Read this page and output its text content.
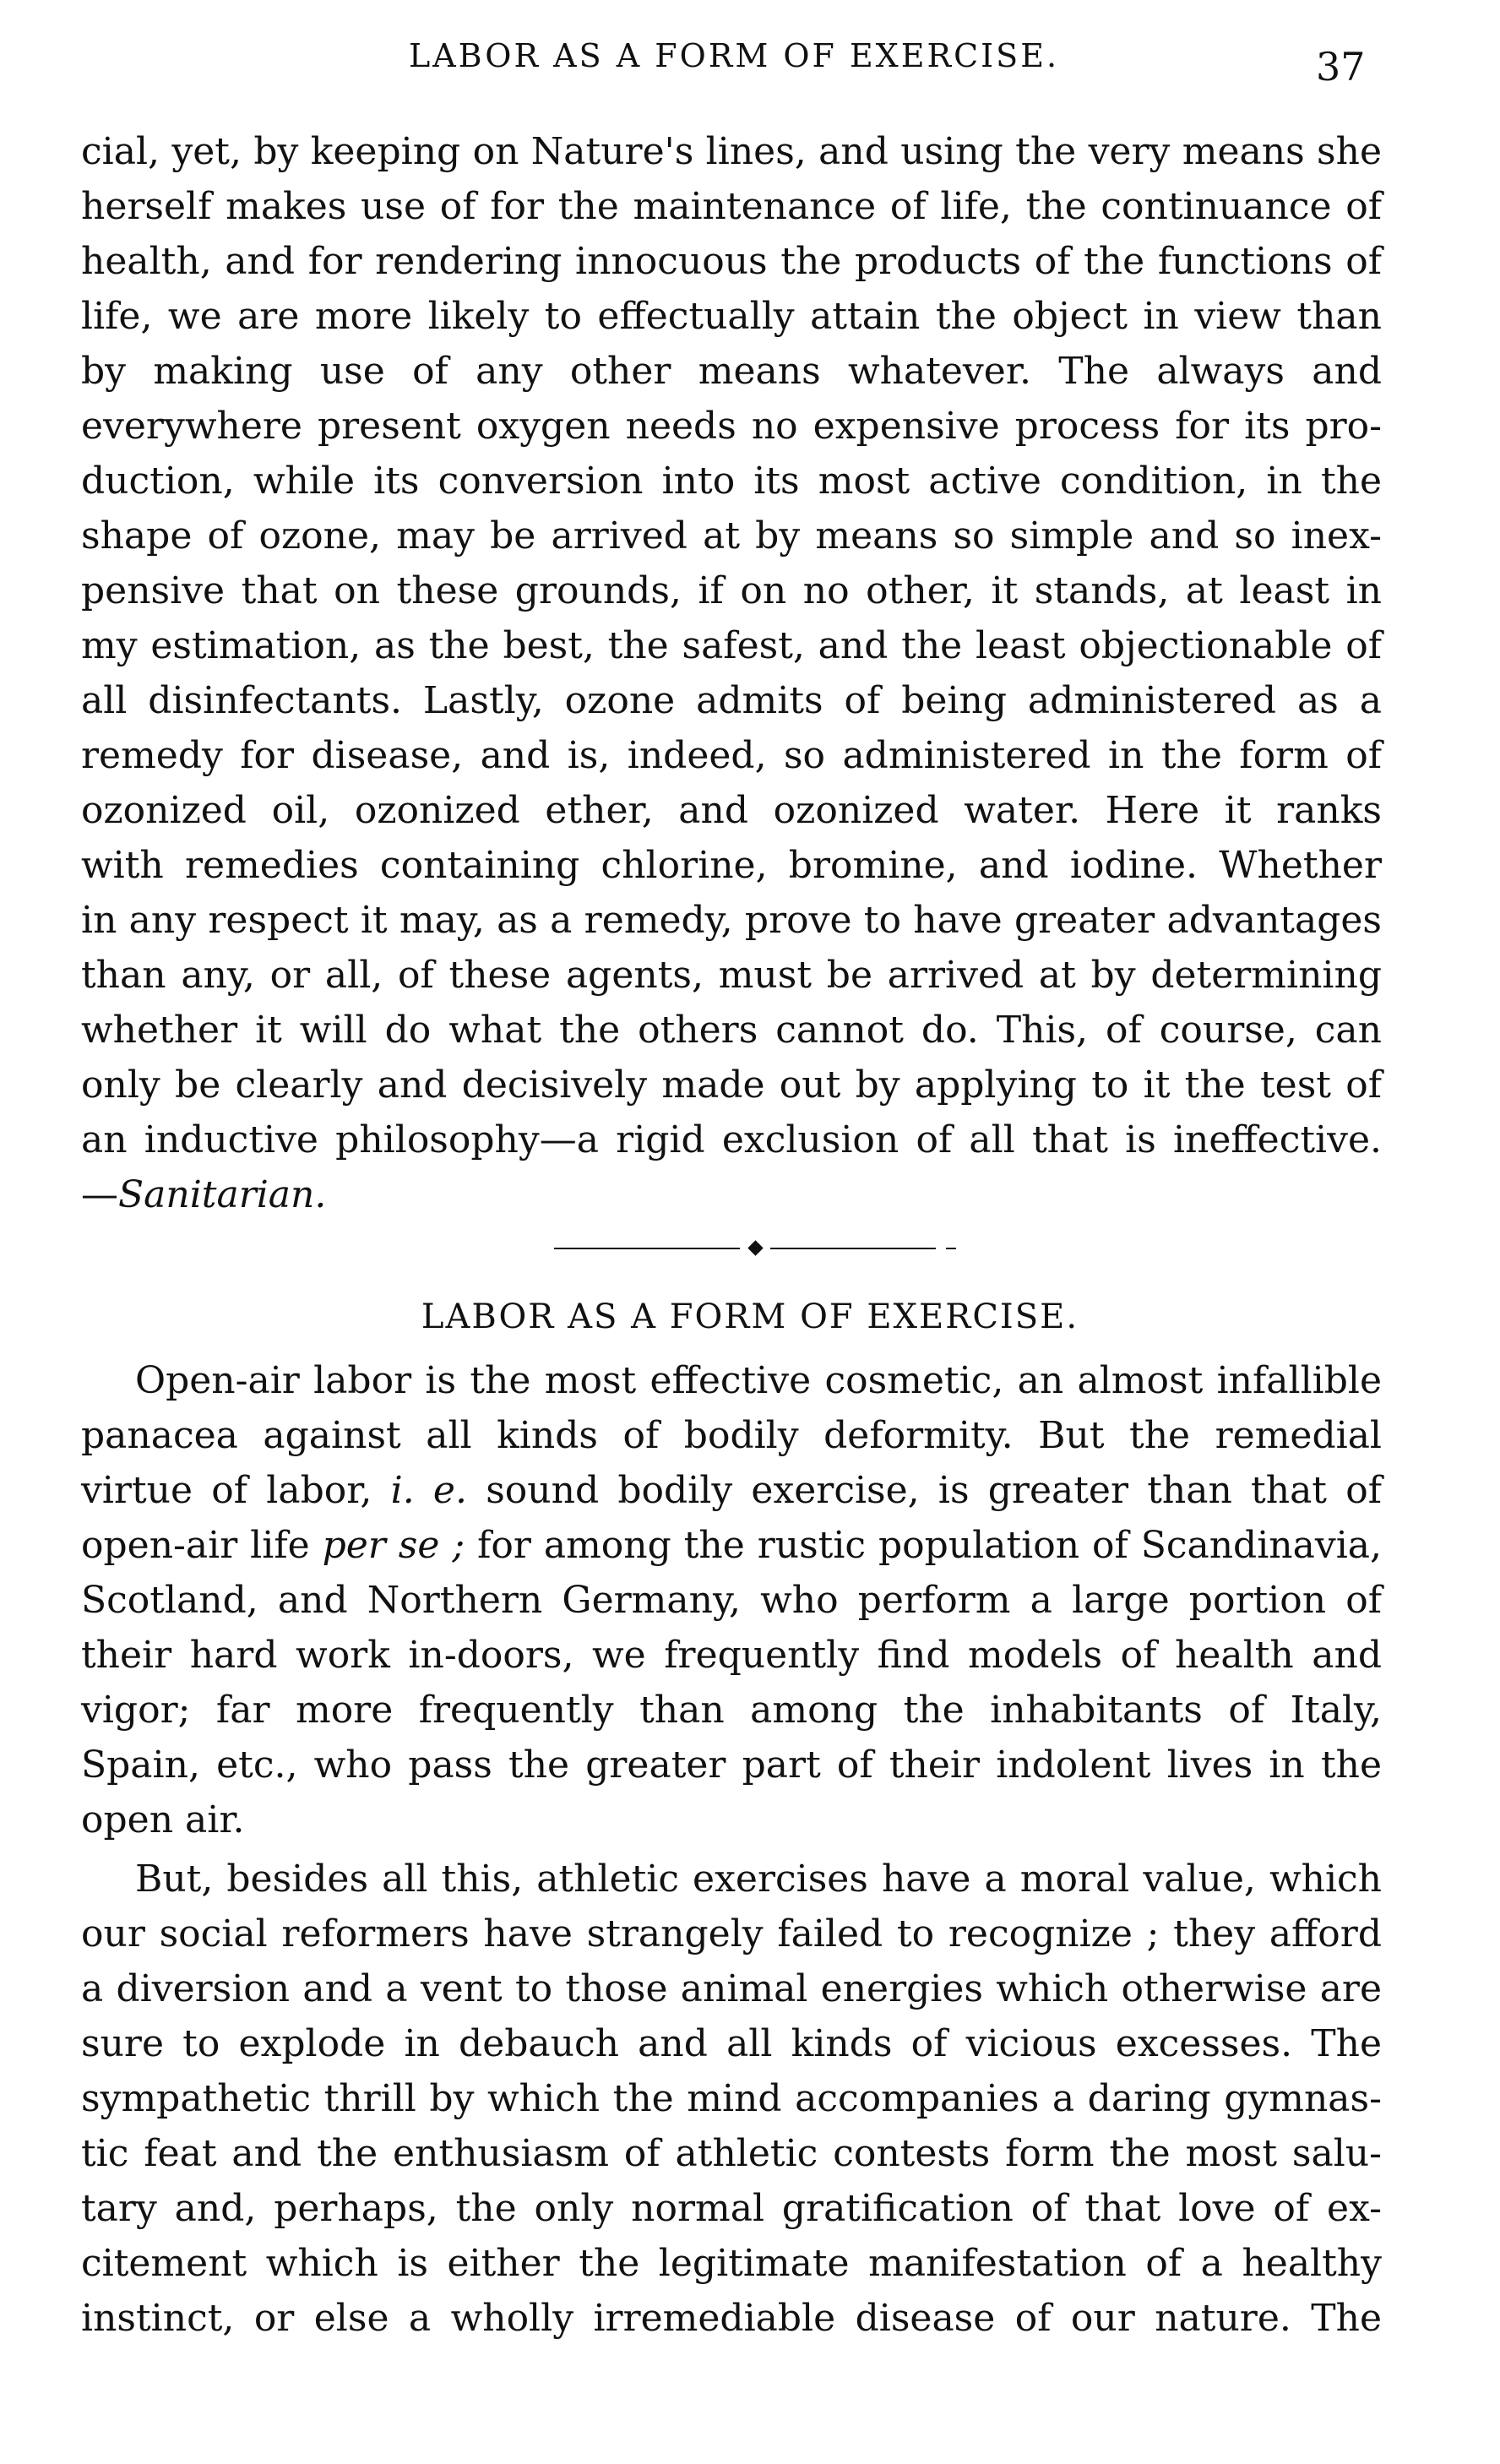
LABOR AS A FORM OF EXERCISE.	37
cial, yet, by keeping on Nature's lines, and using the very means she
herself makes use of for the maintenance of life, the continuance of
health, and for rendering innocuous the products of the functions of
life, we are more likely to effectually attain the object in view than
by making use of any other means whatever. The always and
everywhere present oxygen needs no expensive process for its pro-
duction, while its conversion into its most active condition, in the
shape of ozone, may be arrived at by means so simple and so inex-
pensive that on these grounds, if on no other, it stands, at least in
my estimation, as the best, the safest, and the least objectionable of
all disinfectants. Lastly, ozone admits of being administered as a
remedy for disease, and is, indeed, so administered in the form of
ozonized oil, ozonized ether, and ozonized water. Here it ranks
with remedies containing chlorine, bromine, and iodine. Whether
in any respect it may, as a remedy, prove to have greater advantages
than any, or all, of these agents, must be arrived at by determining
whether it will do what the others cannot do. This, of course, can
only be clearly and decisively made out by applying to it the test of
an inductive philosophy—a rigid exclusion of all that is ineffective.
—Sanitarian.
LABOR AS A FORM OF EXERCISE.
Open-air labor is the most effective cosmetic, an almost infallible
panacea against all kinds of bodily deformity. But the remedial
virtue of labor, i. e. sound bodily exercise, is greater than that of
open-air life per se ; for among the rustic population of Scandinavia,
Scotland, and Northern Germany, who perform a large portion of
their hard work in-doors, we frequently find models of health and
vigor; far more frequently than among the inhabitants of Italy,
Spain, etc., who pass the greater part of their indolent lives in the
open air.
But, besides all this, athletic exercises have a moral value, which
our social reformers have strangely failed to recognize ; they afford
a diversion and a vent to those animal energies which otherwise are
sure to explode in debauch and all kinds of vicious excesses. The
sympathetic thrill by which the mind accompanies a daring gymnas-
tic feat and the enthusiasm of athletic contests form the most salu-
tary and, perhaps, the only normal gratification of that love of ex-
citement which is either the legitimate manifestation of a healthy
instinct, or else a wholly irremediable disease of our nature. The
